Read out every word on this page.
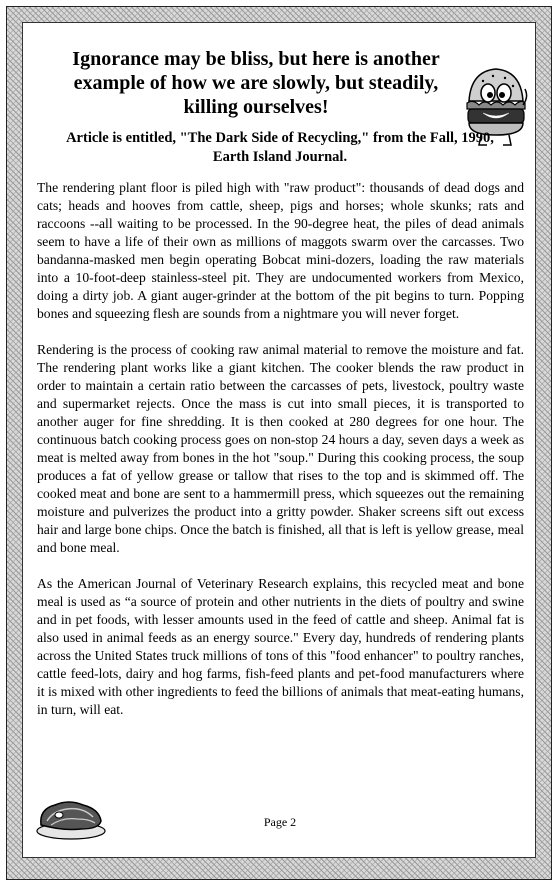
Ignorance may be bliss, but here is another example of how we are slowly, but steadily, killing ourselves!

Article is entitled, "The Dark Side of Recycling," from the Fall, 1990, Earth Island Journal.

The rendering plant floor is piled high with "raw product": thousands of dead dogs and cats; heads and hooves from cattle, sheep, pigs and horses; whole skunks; rats and raccoons --all waiting to be processed. In the 90-degree heat, the piles of dead animals seem to have a life of their own as millions of maggots swarm over the carcasses. Two bandanna-masked men begin operating Bobcat mini-dozers, loading the raw materials into a 10-foot-deep stainless-steel pit. They are undocumented workers from Mexico, doing a dirty job. A giant auger-grinder at the bottom of the pit begins to turn. Popping bones and squeezing flesh are sounds from a nightmare you will never forget.

Rendering is the process of cooking raw animal material to remove the moisture and fat. The rendering plant works like a giant kitchen. The cooker blends the raw product in order to maintain a certain ratio between the carcasses of pets, livestock, poultry waste and supermarket rejects. Once the mass is cut into small pieces, it is transported to another auger for fine shredding. It is then cooked at 280 degrees for one hour. The continuous batch cooking process goes on non-stop 24 hours a day, seven days a week as meat is melted away from bones in the hot "soup." During this cooking process, the soup produces a fat of yellow grease or tallow that rises to the top and is skimmed off. The cooked meat and bone are sent to a hammermill press, which squeezes out the remaining moisture and pulverizes the product into a gritty powder. Shaker screens sift out excess hair and large bone chips. Once the batch is finished, all that is left is yellow grease, meal and bone meal.

As the American Journal of Veterinary Research explains, this recycled meat and bone meal is used as “a source of protein and other nutrients in the diets of poultry and swine and in pet foods, with lesser amounts used in the feed of cattle and sheep. Animal fat is also used in animal feeds as an energy source." Every day, hundreds of rendering plants across the United States truck millions of tons of this "food enhancer" to poultry ranches, cattle feed-lots, dairy and hog farms, fish-feed plants and pet-food manufacturers where it is mixed with other ingredients to feed the billions of animals that meat-eating humans, in turn, will eat.

Page 2
